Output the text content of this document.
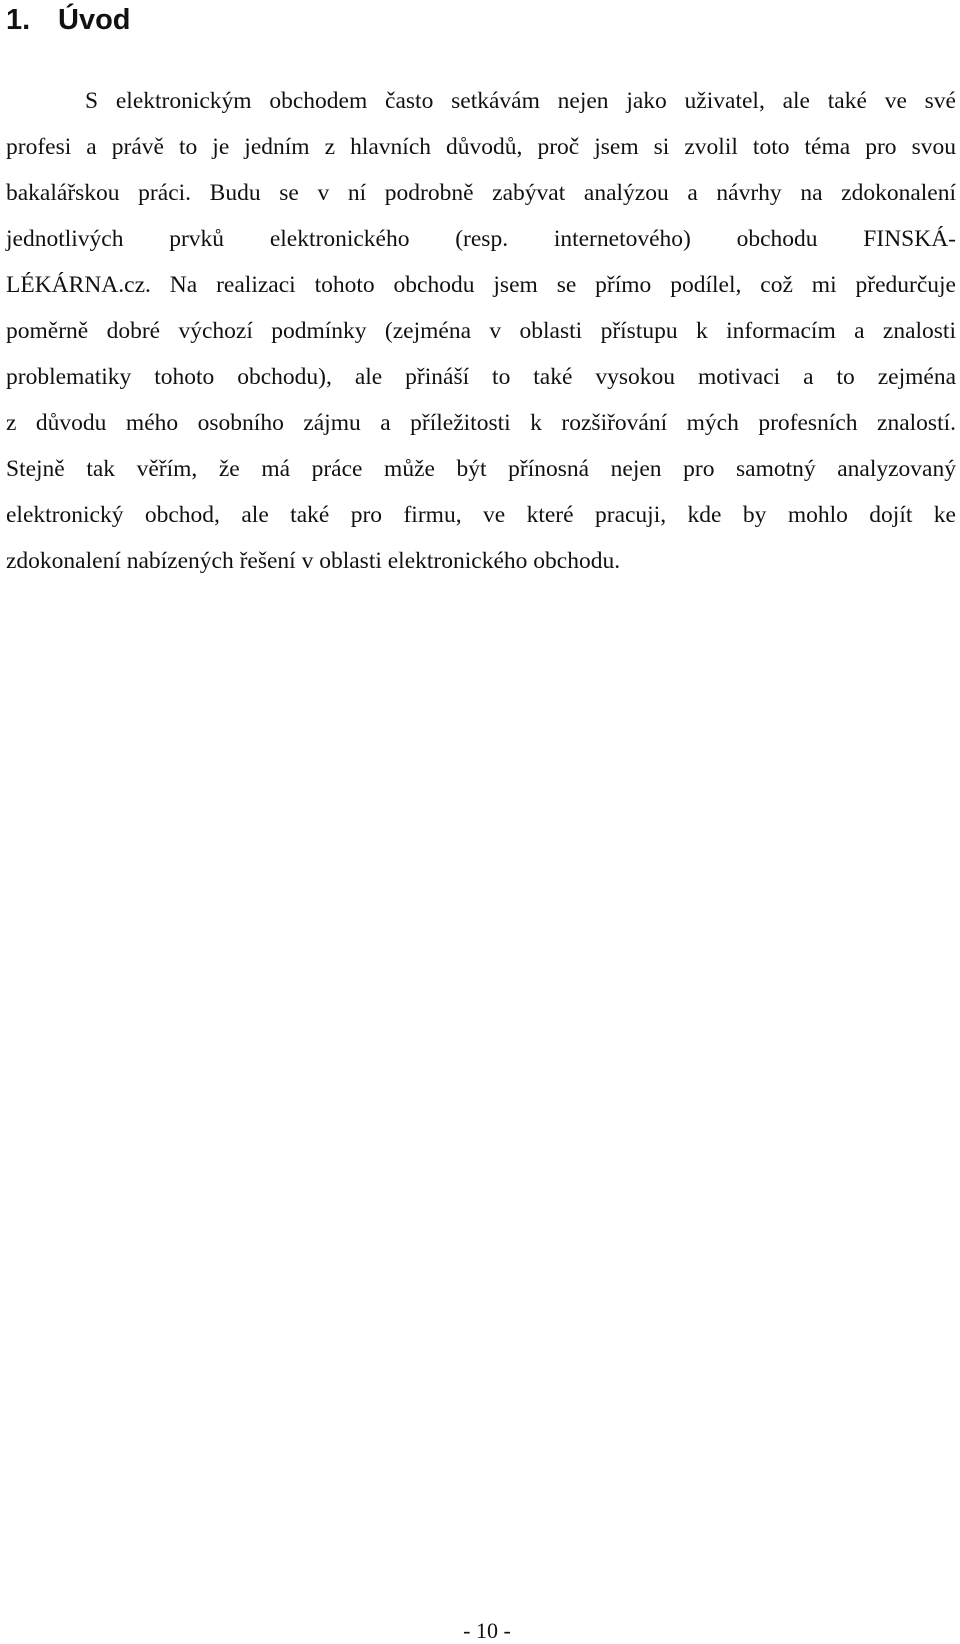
1. Úvod
S elektronickým obchodem často setkávám nejen jako uživatel, ale také ve své
profesi a právě to je jedním z hlavních důvodů, proč jsem si zvolil toto téma pro svou
bakalářskou práci. Budu se v ní podrobně zabývat analýzou a návrhy na zdokonalení
jednotlivých prvků elektronického (resp. internetového) obchodu FINSKÁ-
LÉKÁRNA.cz. Na realizaci tohoto obchodu jsem se přímo podílel, což mi předurčuje
poměrně dobré výchozí podmínky (zejména v oblasti přístupu k informacím a znalosti
problematiky tohoto obchodu), ale přináší to také vysokou motivaci a to zejména
z důvodu mého osobního zájmu a příležitosti k rozšiřování mých profesních znalostí.
Stejně tak věřím, že má práce může být přínosná nejen pro samotný analyzovaný
elektronický obchod, ale také pro firmu, ve které pracuji, kde by mohlo dojít ke
zdokonalení nabízených řešení v oblasti elektronického obchodu.
- 10 -
